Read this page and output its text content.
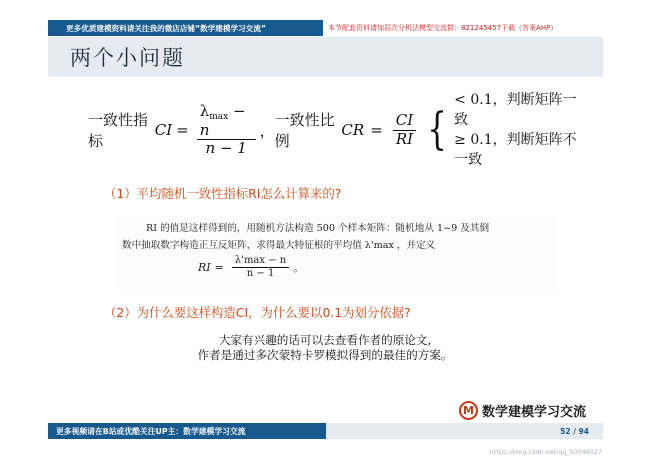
更多优质建模资料请关注我的微店店铺“数学建模学习交流”	本节配套资料请加层次分析法模型交流群：821245457下载（答案AHP）
两个小问题
一致性指标
CI = $\frac{\lambda_{max} - n}{n - 1}$ ，
一致性比例
CR = $\frac{CI}{RI}$ {
< 0.1，判断矩阵一致
≥ 0.1，判断矩阵不一致
（1）平均随机一致性指标RI怎么计算来的?
RI 的值是这样得到的，用随机方法构造 500 个样本矩阵：随机地从 1~9 及其倒
数中抽取数字构造正互反矩阵，求得最大特征根的平均值 λ'max ，并定义
RI = $\frac{\lambda'\max - n}{n - 1}$ 。
（2）为什么要这样构造CI，为什么要以0.1为划分依据?
大家有兴趣的话可以去查看作者的原论文,
作者是通过多次蒙特卡罗模拟得到的最佳的方案。
M 数学建模学习交流
更多视频请在B站或优酷关注UP主：数学建模学习交流	52 / 94
https://blog.csdn.net/qq_50046027
